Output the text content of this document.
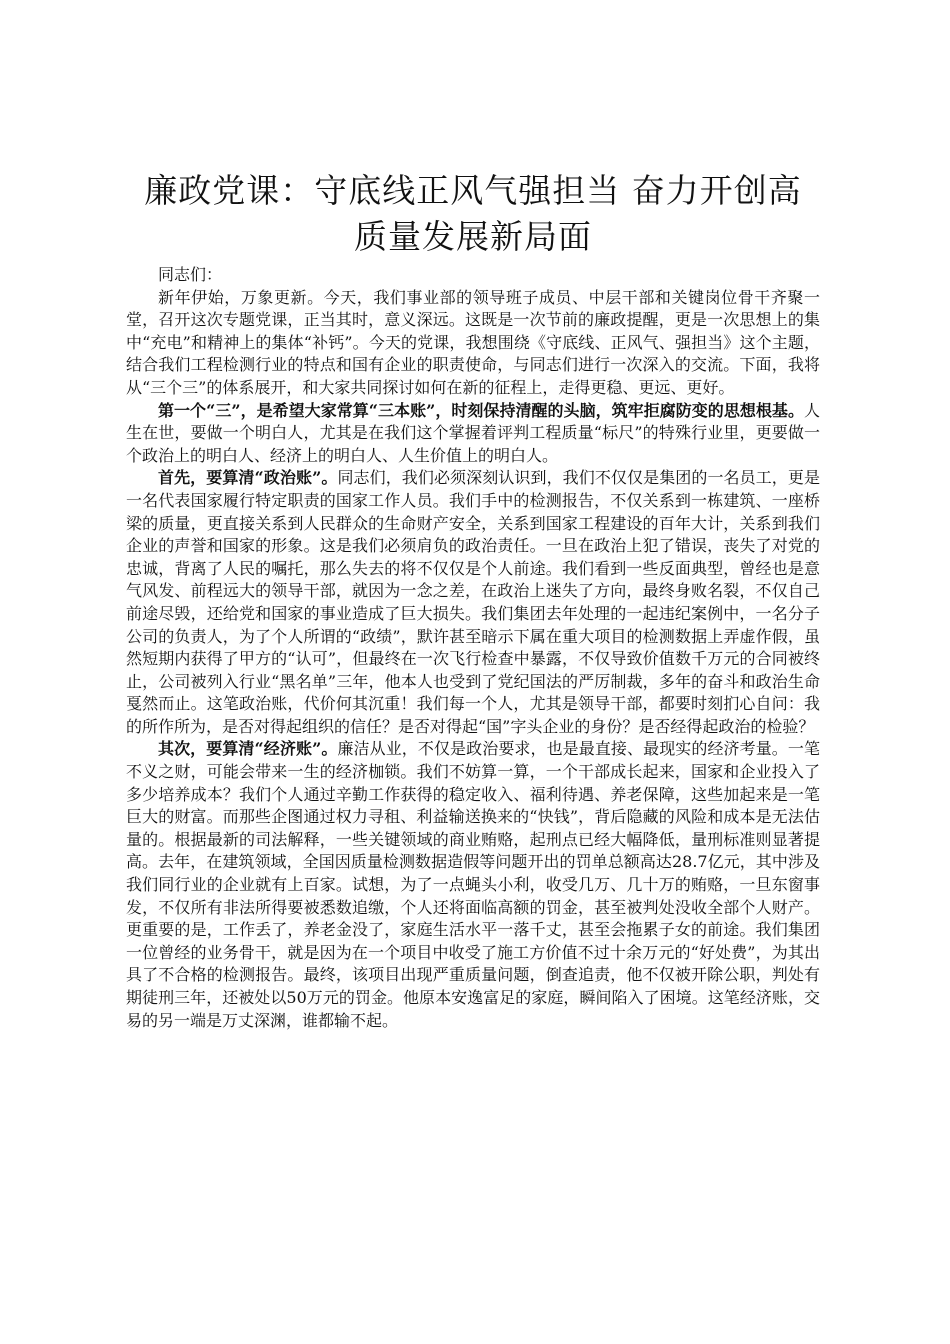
廉政党课：守底线正风气强担当 奋力开创高
质量发展新局面

同志们：

新年伊始，万象更新。今天，我们事业部的领导班子成员、中层干部和关键岗位骨干齐聚一堂，召开这次专题党课，正当其时，意义深远。这既是一次节前的廉政提醒，更是一次思想上的集中“充电”和精神上的集体“补钙”。今天的党课，我想围绕《守底线、正风气、强担当》这个主题，结合我们工程检测行业的特点和国有企业的职责使命，与同志们进行一次深入的交流。下面，我将从“三个三”的体系展开，和大家共同探讨如何在新的征程上，走得更稳、更远、更好。

第一个“三”，是希望大家常算“三本账”，时刻保持清醒的头脑，筑牢拒腐防变的思想根基。人生在世，要做一个明白人，尤其是在我们这个掌握着评判工程质量“标尺”的特殊行业里，更要做一个政治上的明白人、经济上的明白人、人生价值上的明白人。

首先，要算清“政治账”。同志们，我们必须深刻认识到，我们不仅仅是集团的一名员工，更是一名代表国家履行特定职责的国家工作人员。我们手中的检测报告，不仅关系到一栋建筑、一座桥梁的质量，更直接关系到人民群众的生命财产安全，关系到国家工程建设的百年大计，关系到我们企业的声誉和国家的形象。这是我们必须肩负的政治责任。一旦在政治上犯了错误，丧失了对党的忠诚，背离了人民的嘱托，那么失去的将不仅仅是个人前途。我们看到一些反面典型，曾经也是意气风发、前程远大的领导干部，就因为一念之差，在政治上迷失了方向，最终身败名裂，不仅自己前途尽毁，还给党和国家的事业造成了巨大损失。我们集团去年处理的一起违纪案例中，一名分子公司的负责人，为了个人所谓的“政绩”，默许甚至暗示下属在重大项目的检测数据上弄虚作假，虽然短期内获得了甲方的“认可”，但最终在一次飞行检查中暴露，不仅导致价值数千万元的合同被终止，公司被列入行业“黑名单”三年，他本人也受到了党纪国法的严厉制裁，多年的奋斗和政治生命戛然而止。这笔政治账，代价何其沉重！我们每一个人，尤其是领导干部，都要时刻扪心自问：我的所作所为，是否对得起组织的信任？是否对得起“国”字头企业的身份？是否经得起政治的检验？

其次，要算清“经济账”。廉洁从业，不仅是政治要求，也是最直接、最现实的经济考量。一笔不义之财，可能会带来一生的经济枷锁。我们不妨算一算，一个干部成长起来，国家和企业投入了多少培养成本？我们个人通过辛勤工作获得的稳定收入、福利待遇、养老保障，这些加起来是一笔巨大的财富。而那些企图通过权力寻租、利益输送换来的“快钱”，背后隐藏的风险和成本是无法估量的。根据最新的司法解释，一些关键领域的商业贿赂，起刑点已经大幅降低，量刑标准则显著提高。去年，在建筑领域，全国因质量检测数据造假等问题开出的罚单总额高达28.7亿元，其中涉及我们同行业的企业就有上百家。试想，为了一点蝇头小利，收受几万、几十万的贿赂，一旦东窗事发，不仅所有非法所得要被悉数追缴，个人还将面临高额的罚金，甚至被判处没收全部个人财产。更重要的是，工作丢了，养老金没了，家庭生活水平一落千丈，甚至会拖累子女的前途。我们集团一位曾经的业务骨干，就是因为在一个项目中收受了施工方价值不过十余万元的“好处费”，为其出具了不合格的检测报告。最终，该项目出现严重质量问题，倒查追责，他不仅被开除公职，判处有期徒刑三年，还被处以50万元的罚金。他原本安逸富足的家庭，瞬间陷入了困境。这笔经济账，交易的另一端是万丈深渊，谁都输不起。
